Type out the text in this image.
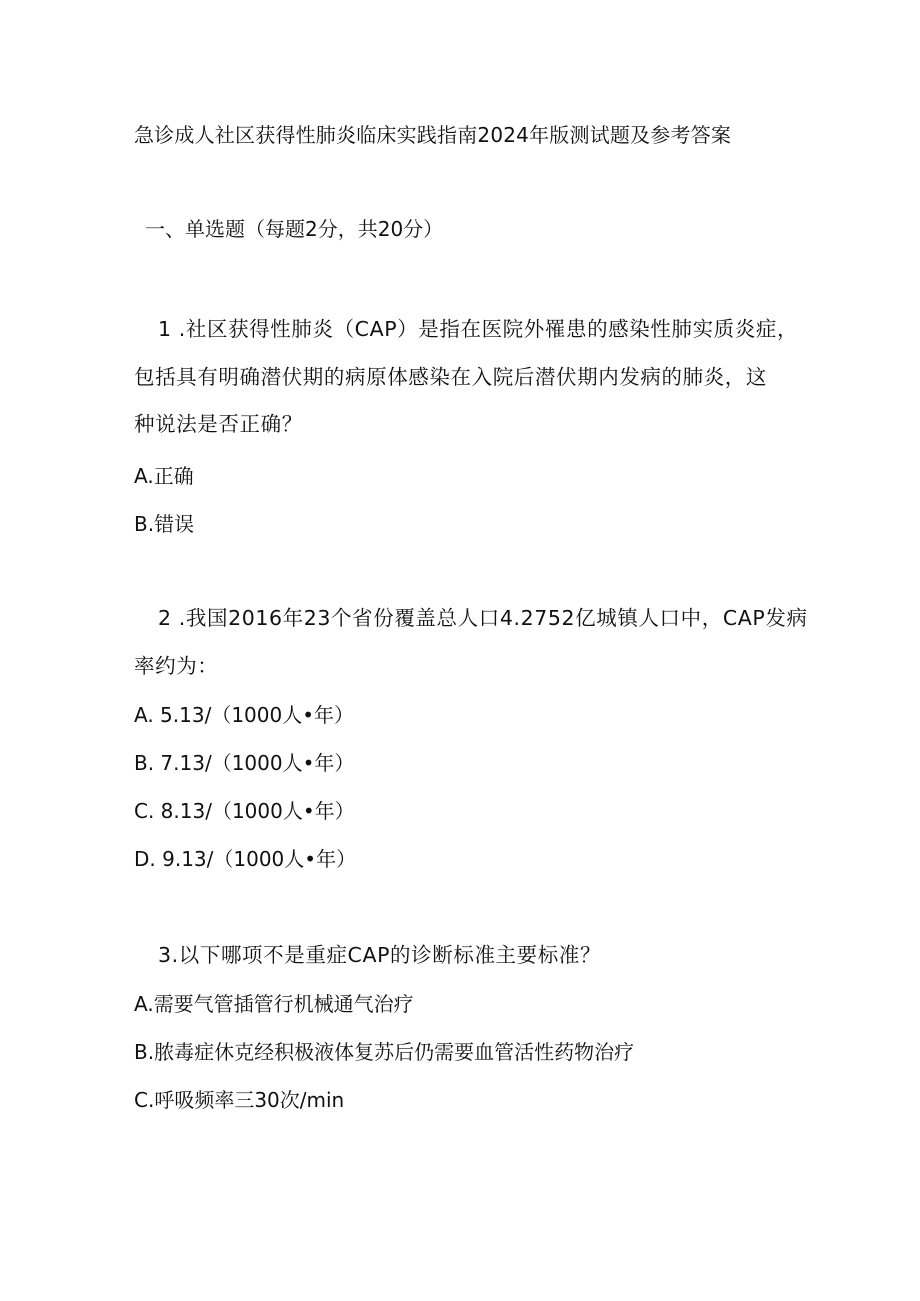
急诊成人社区获得性肺炎临床实践指南2024年版测试题及参考答案
一、单选题（每题2分，共20分）
1 .社区获得性肺炎（CAP）是指在医院外罹患的感染性肺实质炎症，
包括具有明确潜伏期的病原体感染在入院后潜伏期内发病的肺炎，这
种说法是否正确？
A.正确
B.错误
2 .我国2016年23个省份覆盖总人口4.2752亿城镇人口中，CAP发病
率约为：
A. 5.13/（1000人•年）
B. 7.13/（1000人•年）
C. 8.13/（1000人•年）
D. 9.13/（1000人•年）
3.以下哪项不是重症CAP的诊断标准主要标准？
A.需要气管插管行机械通气治疗
B.脓毒症休克经积极液体复苏后仍需要血管活性药物治疗
C.呼吸频率三30次/min
